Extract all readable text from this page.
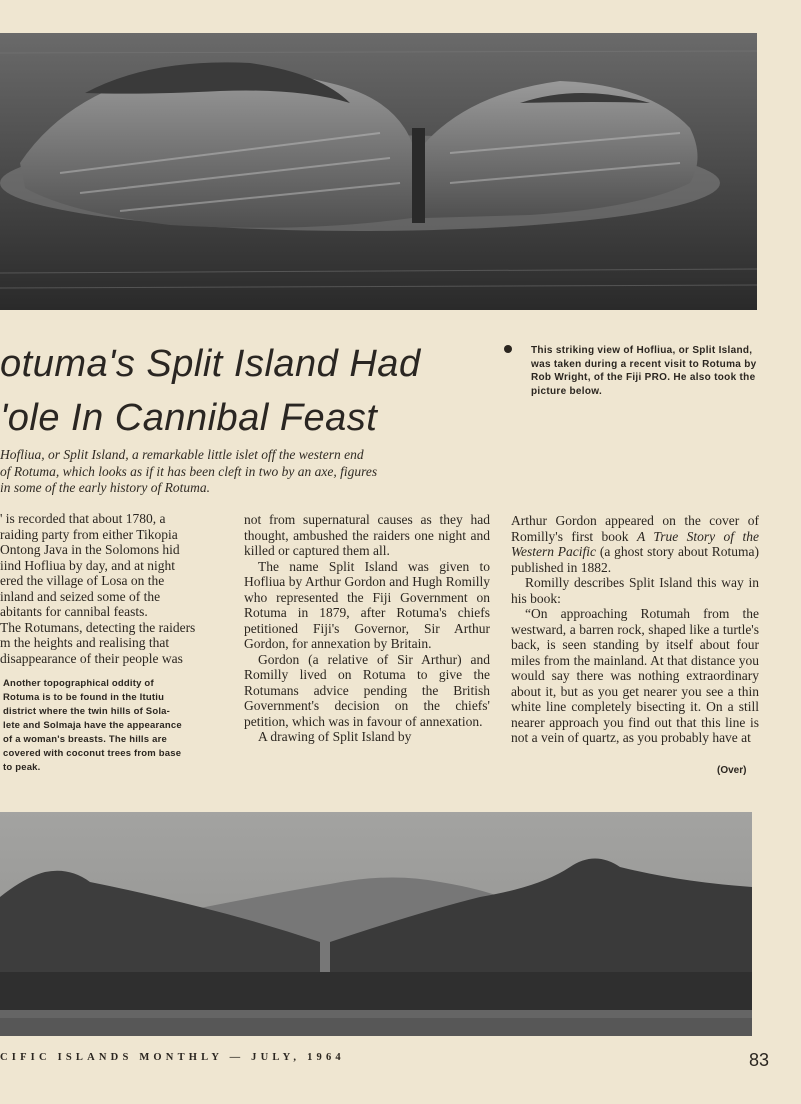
otuma's Split Island Had
'ole In Cannibal Feast
This striking view of Hofliua, or Split Island, was taken during a recent visit to Rotuma by Rob Wright, of the Fiji PRO. He also took the picture below.
Hofliua, or Split Island, a remarkable little islet off the western end
of Rotuma, which looks as if it has been cleft in two by an axe, figures
in some of the early history of Rotuma.
' is recorded that about 1780, a
raiding party from either Tikopia
Ontong Java in the Solomons hid
iind Hofliua by day, and at night
ered the village of Losa on the
inland and seized some of the
abitants for cannibal feasts.
The Rotumans, detecting the raiders
m the heights and realising that
disappearance of their people was
Another topographical oddity of
Rotuma is to be found in the Itutiu
district where the twin hills of Sola-
lete and Solmaja have the appearance
of a woman's breasts. The hills are
covered with coconut trees from base
to peak.

not from supernatural causes as they had thought, ambushed the raiders one night and killed or captured them all.

The name Split Island was given to Hofliua by Arthur Gordon and Hugh Romilly who represented the Fiji Government on Rotuma in 1879, after Rotuma's chiefs petitioned Fiji's Governor, Sir Arthur Gordon, for annexation by Britain.

Gordon (a relative of Sir Arthur) and Romilly lived on Rotuma to give the Rotumans advice pending the British Government's decision on the chiefs' petition, which was in favour of annexation.

A drawing of Split Island by

Arthur Gordon appeared on the cover of Romilly's first book A True Story of the Western Pacific (a ghost story about Rotuma) published in 1882.

Romilly describes Split Island this way in his book:

“On approaching Rotumah from the westward, a barren rock, shaped like a turtle's back, is seen standing by itself about four miles from the mainland. At that distance you would say there was nothing extraordinary about it, but as you get nearer you see a thin white line completely bisecting it. On a still nearer approach you find out that this line is not a vein of quartz, as you probably have at

(Over)
CIFIC ISLANDS MONTHLY — JULY, 1964	83
